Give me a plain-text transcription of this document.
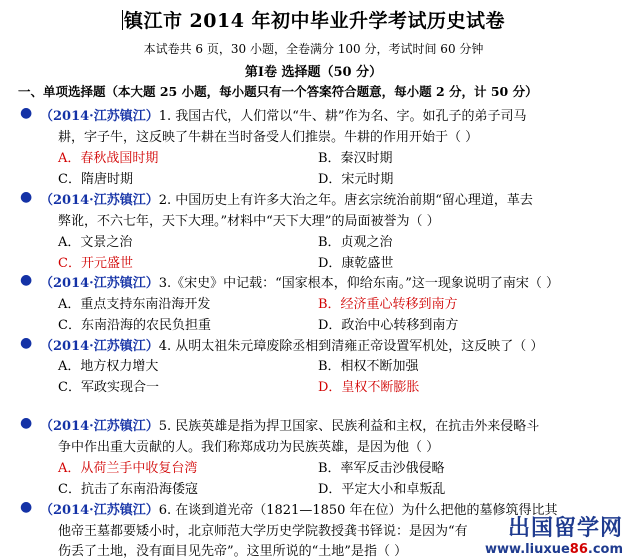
镇江市 2014 年初中毕业升学考试历史试卷
本试卷共 6 页，30 小题，全卷满分 100 分，考试时间 60 分钟
第Ⅰ卷 选择题（50 分）
一、单项选择题（本大题 25 小题，每小题只有一个答案符合题意，每小题 2 分，计 50 分）
● （2014·江苏镇江）1. 我国古代，人们常以“牛、耕”作为名、字。如孔子的弟子司马
耕，字子牛，这反映了牛耕在当时备受人们推崇。牛耕的作用开始于（ ）
A．春秋战国时期	B．秦汉时期
C．隋唐时期	D．宋元时期
● （2014·江苏镇江）2. 中国历史上有许多大治之年。唐玄宗统治前期“留心理道，革去
弊讹，不六七年，天下大理。”材料中“天下大理”的局面被誉为（ ）
A．文景之治	B．贞观之治
C．开元盛世	D．康乾盛世
● （2014·江苏镇江）3.《宋史》中记载：“国家根本，仰给东南。”这一现象说明了南宋（ ）
A．重点支持东南沿海开发	B．经济重心转移到南方
C．东南沿海的农民负担重	D．政治中心转移到南方
● （2014·江苏镇江）4. 从明太祖朱元璋废除丞相到清雍正帝设置军机处，这反映了（ ）
A．地方权力增大	B．相权不断加强
C．军政实现合一	D．皇权不断膨胀
● （2014·江苏镇江）5. 民族英雄是指为捍卫国家、民族利益和主权，在抗击外来侵略斗
争中作出重大贡献的人。我们称郑成功为民族英雄，是因为他（ ）
A．从荷兰手中收复台湾	B．率军反击沙俄侵略
C．抗击了东南沿海倭寇	D．平定大小和卓叛乱
● （2014·江苏镇江）6. 在谈到道光帝（1821—1850 年在位）为什么把他的墓修筑得比其
他帝王墓都要矮小时，北京师范大学历史学院教授龚书铎说：是因为“有
伤丢了土地，没有面目见先帝”。这里所说的“土地”是指（ ）
出国留学网
www.liuxue86.com
